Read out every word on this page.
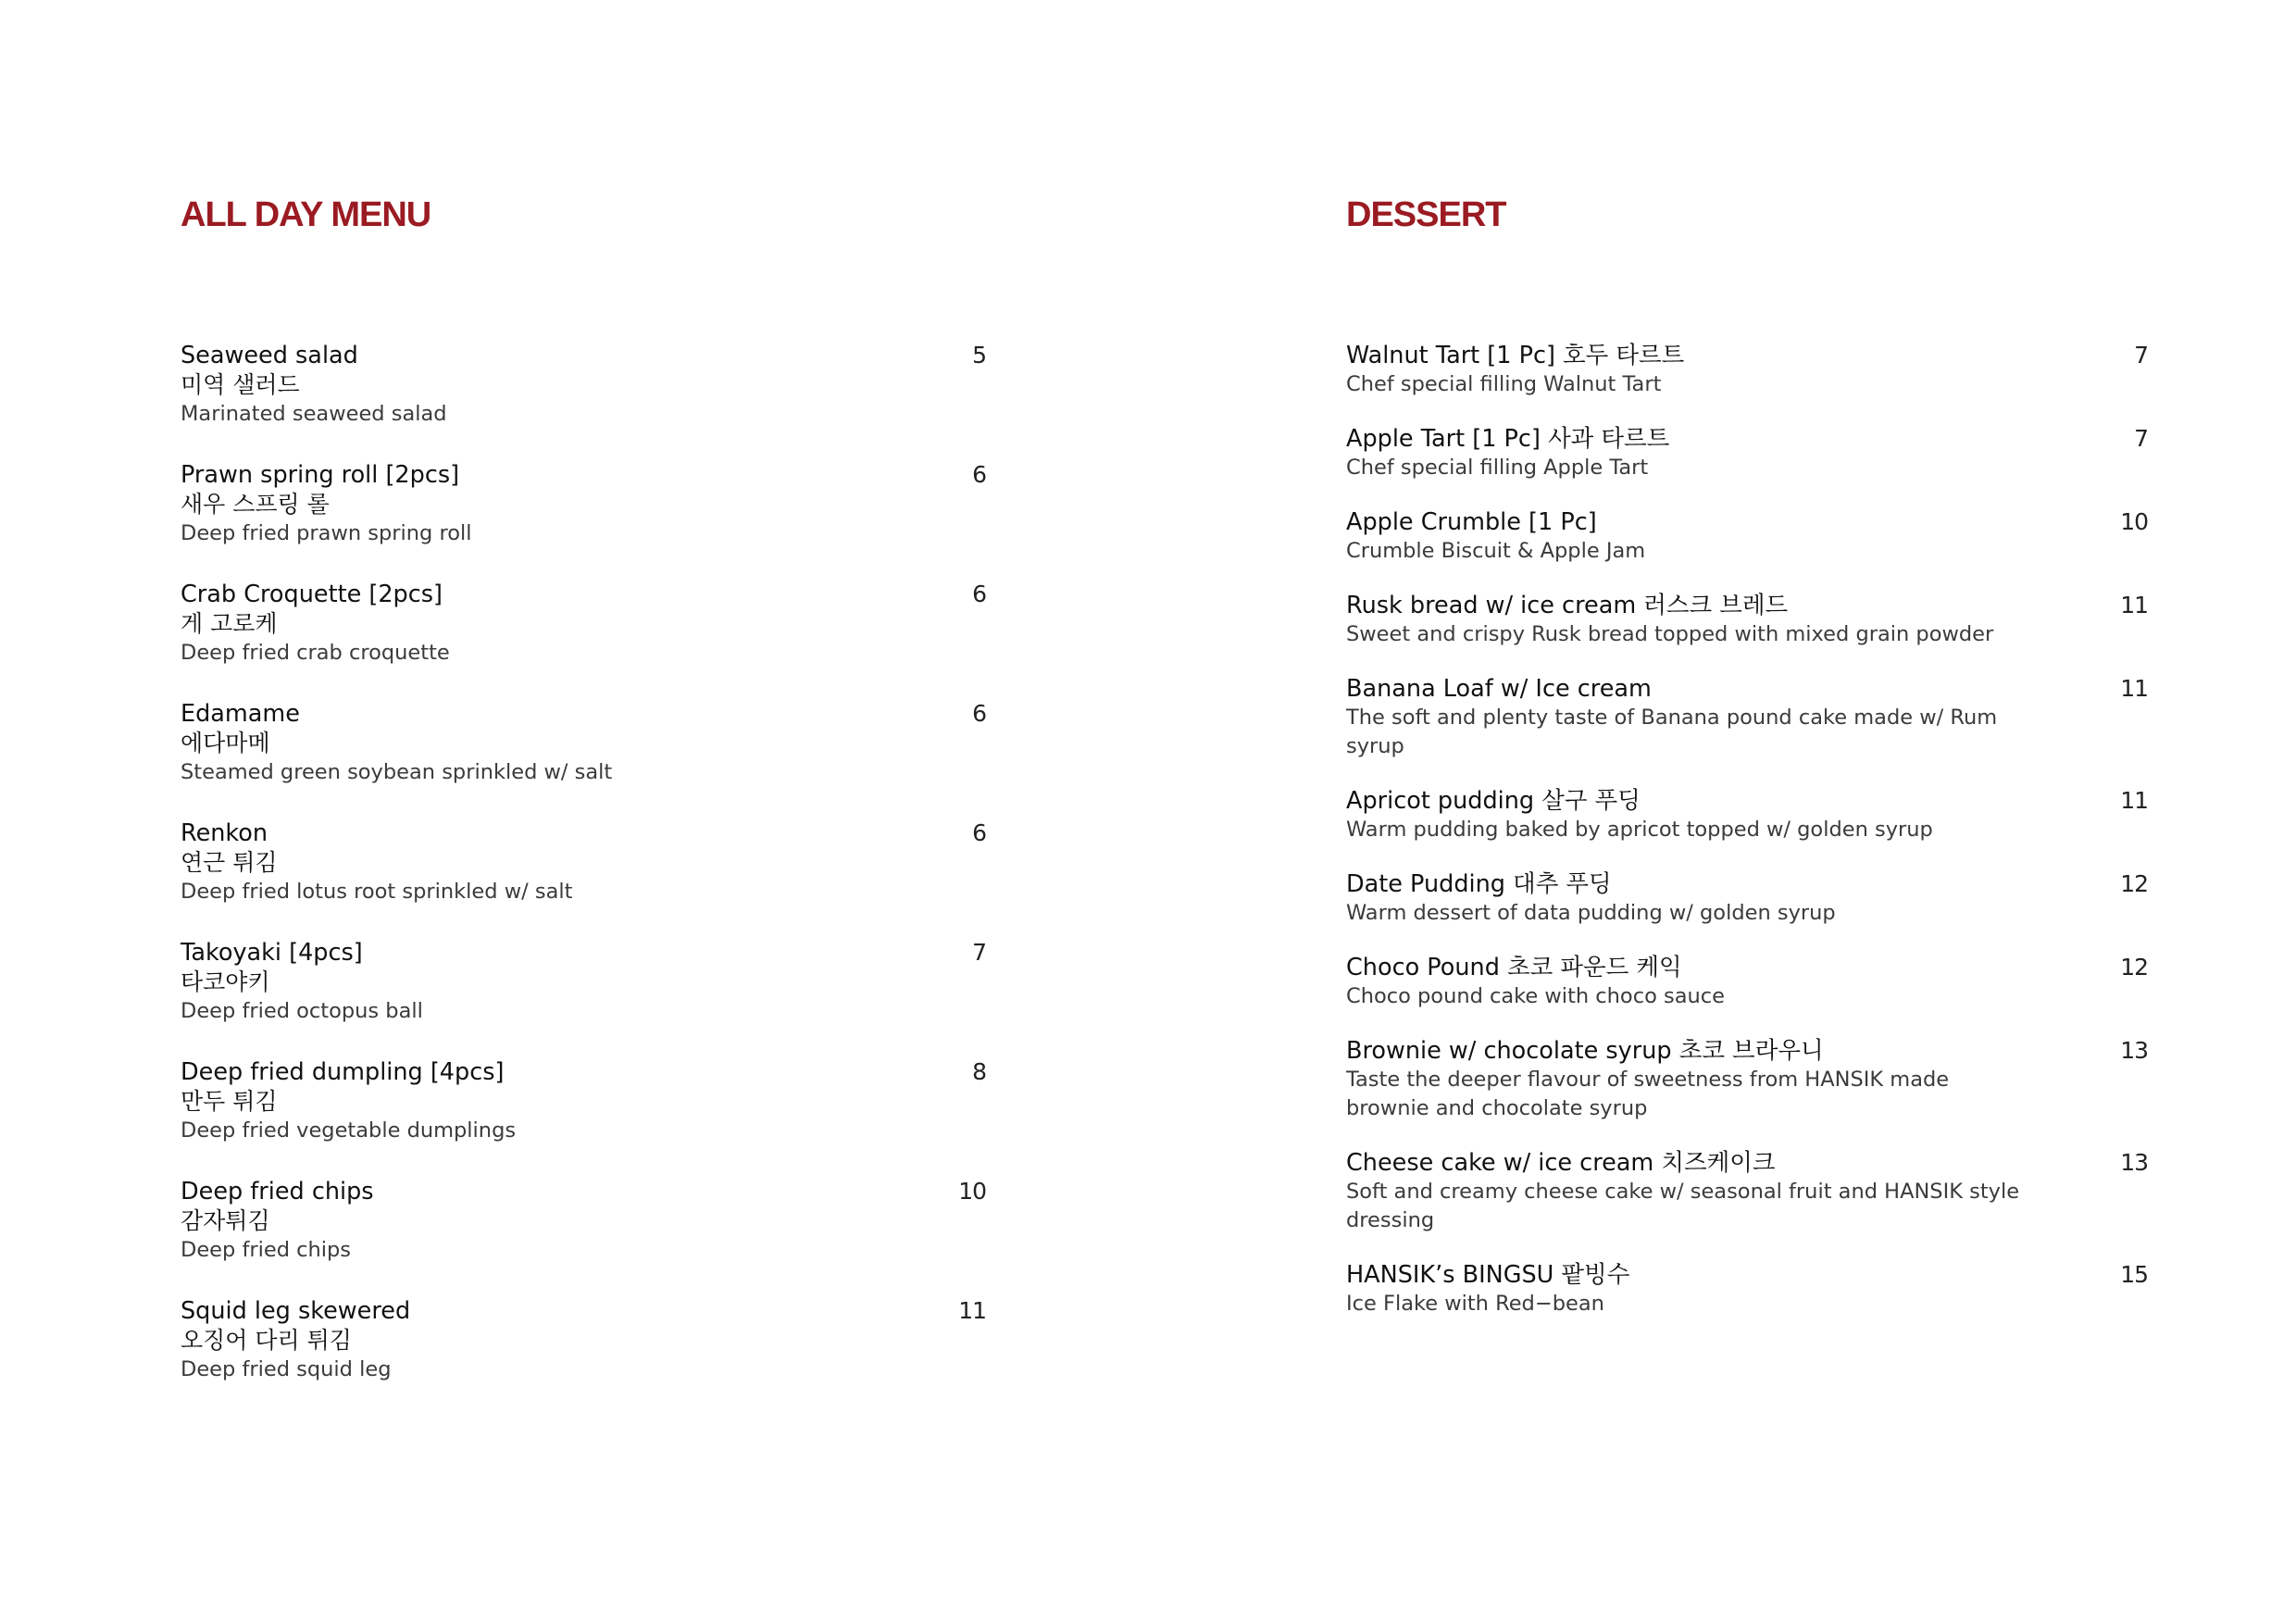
ALL DAY MENU
Seaweed salad
미역 샐러드
Marinated seaweed salad
5
Prawn spring roll [2pcs]
새우 스프링 롤
Deep fried prawn spring roll
6
Crab Croquette [2pcs]
게 고로케
Deep fried crab croquette
6
Edamame
에다마메
Steamed green soybean sprinkled w/ salt
6
Renkon
연근 튀김
Deep fried lotus root sprinkled w/ salt
6
Takoyaki [4pcs]
타코야키
Deep fried octopus ball
7
Deep fried dumpling [4pcs]
만두 튀김
Deep fried vegetable dumplings
8
Deep fried chips
감자튀김
Deep fried chips
10
Squid leg skewered
오징어 다리 튀김
Deep fried squid leg
11
DESSERT
Walnut Tart [1 Pc] 호두 타르트
Chef special filling Walnut Tart
7
Apple Tart [1 Pc] 사과 타르트
Chef special filling Apple Tart
7
Apple Crumble [1 Pc]
Crumble Biscuit & Apple Jam
10
Rusk bread w/ ice cream 러스크 브레드
Sweet and crispy Rusk bread topped with mixed grain powder
11
Banana Loaf w/ Ice cream
The soft and plenty taste of Banana pound cake made w/ Rum syrup
11
Apricot pudding 살구 푸딩
Warm pudding baked by apricot topped w/ golden syrup
11
Date Pudding 대추 푸딩
Warm dessert of data pudding w/ golden syrup
12
Choco Pound 초코 파운드 케익
Choco pound cake with choco sauce
12
Brownie w/ chocolate syrup 초코 브라우니
Taste the deeper flavour of sweetness from HANSIK made brownie and chocolate syrup
13
Cheese cake w/ ice cream 치즈케이크
Soft and creamy cheese cake w/ seasonal fruit and HANSIK style dressing
13
HANSIK’s BINGSU 팥빙수
Ice Flake with Red−bean
15
